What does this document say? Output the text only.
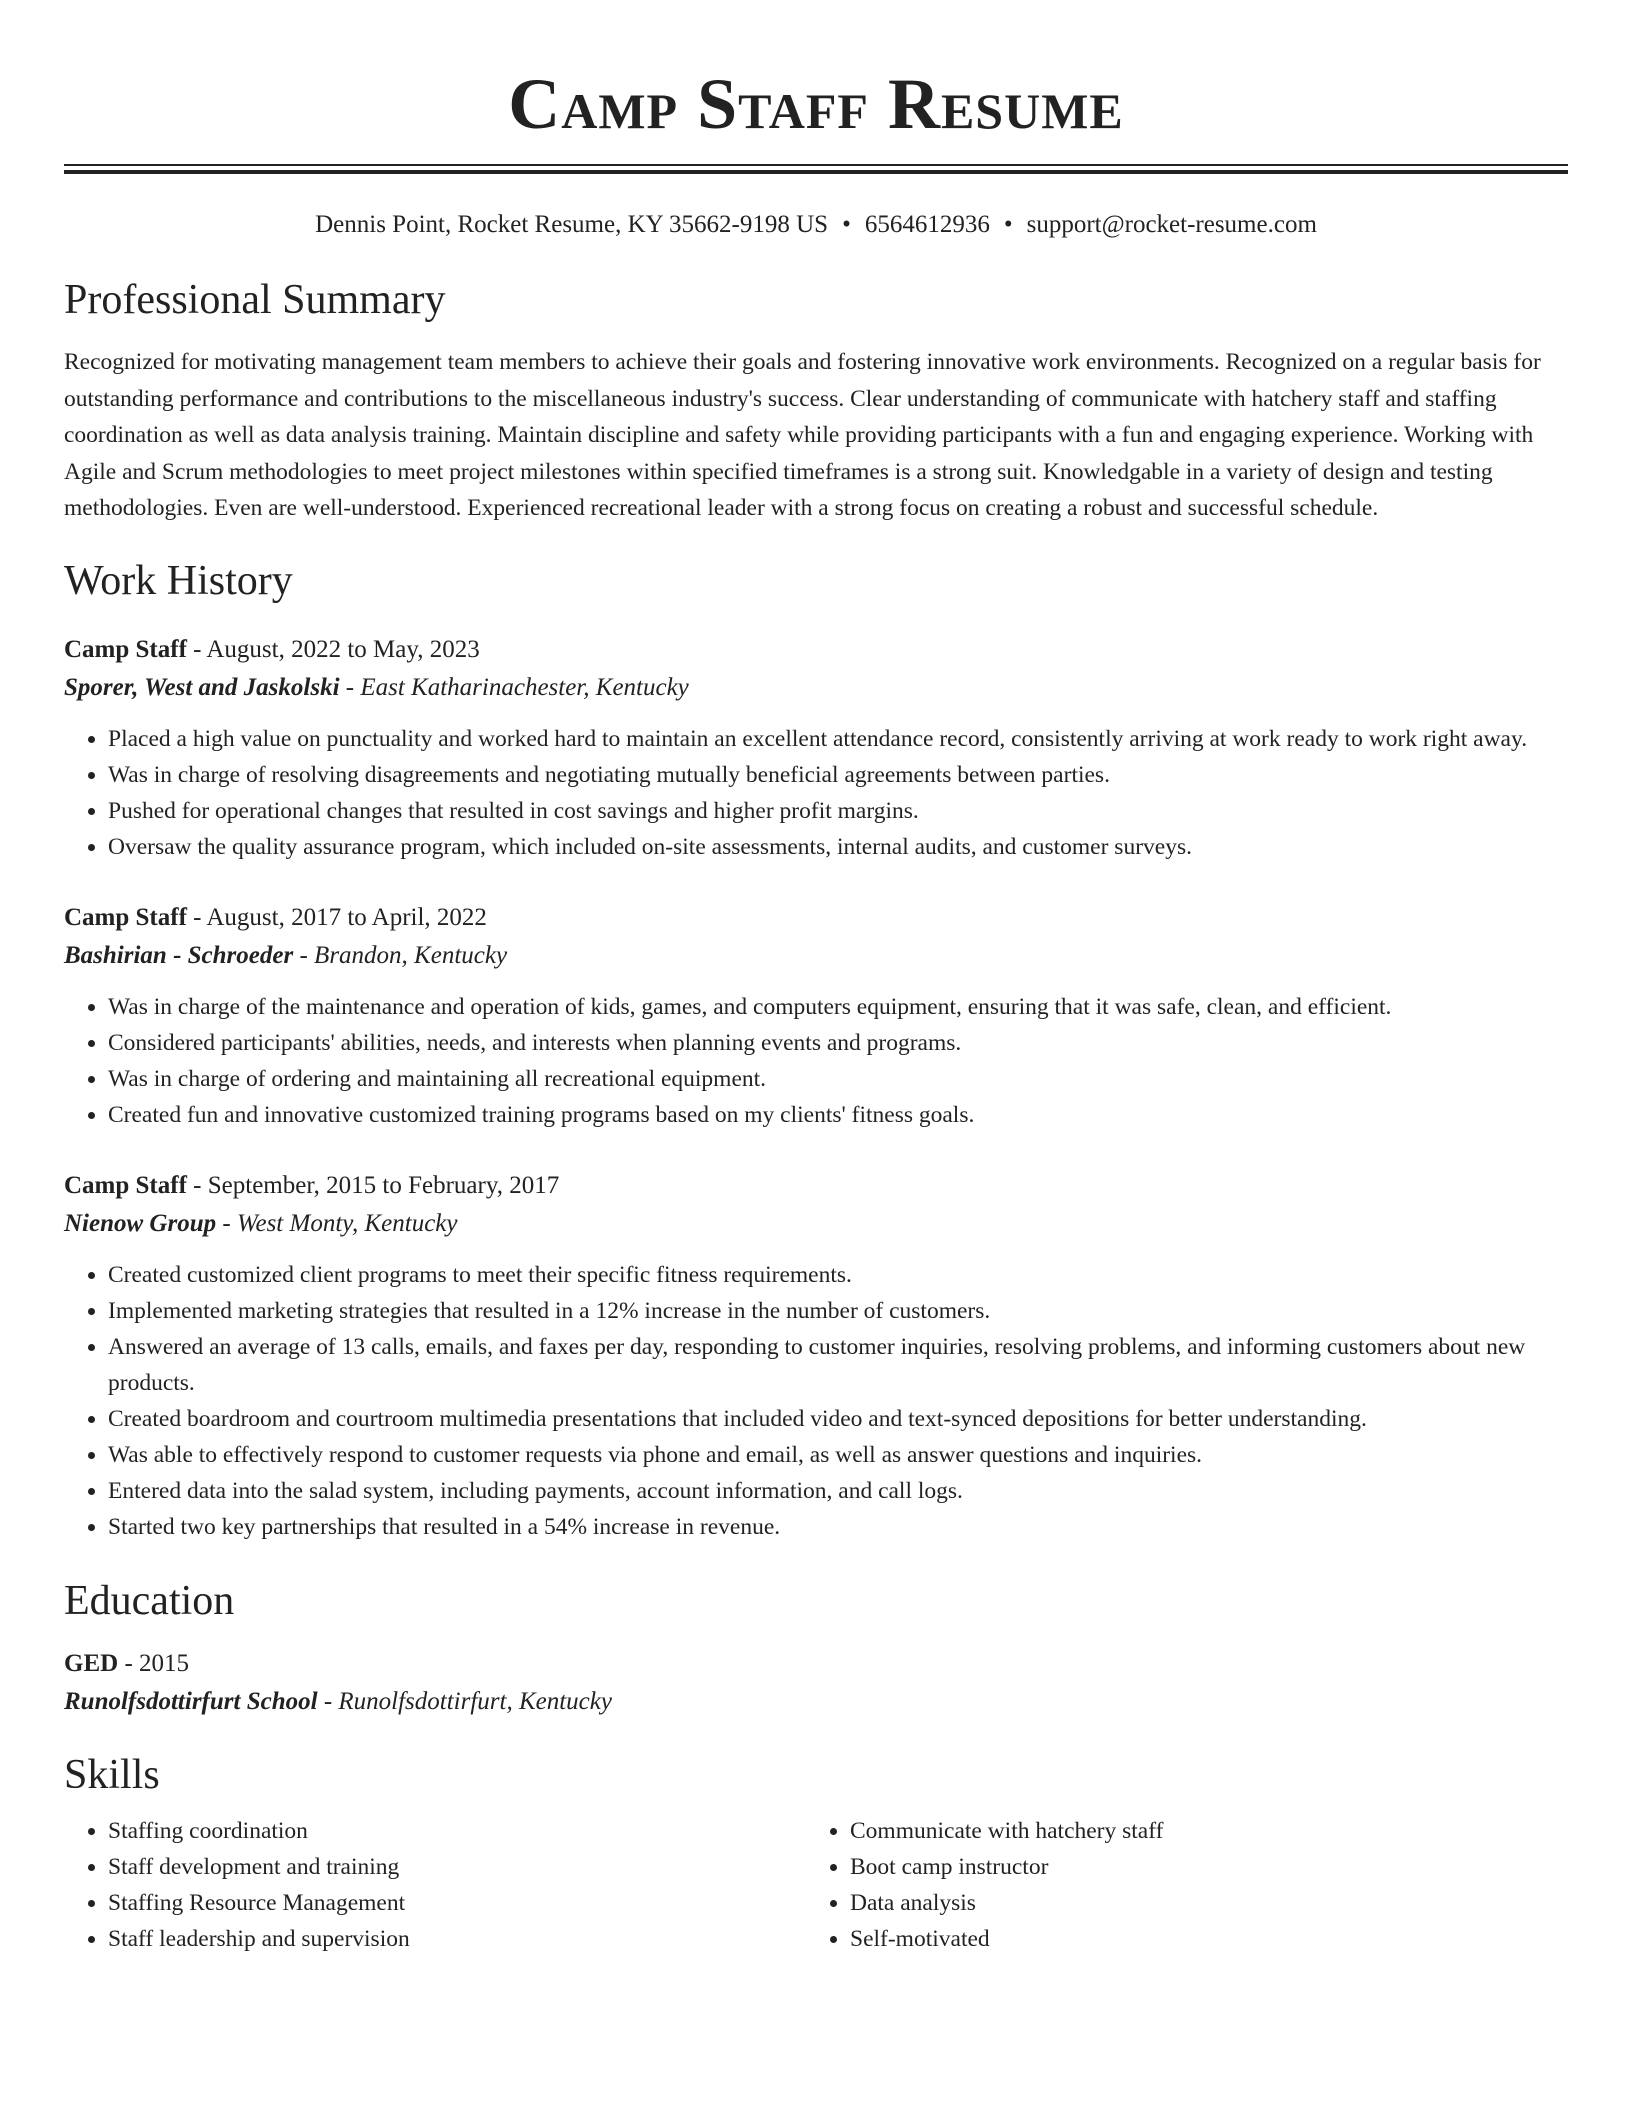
Camp Staff Resume
Dennis Point, Rocket Resume, KY 35662-9198 US • 6564612936 • support@rocket-resume.com
Professional Summary
Recognized for motivating management team members to achieve their goals and fostering innovative work environments. Recognized on a regular basis for outstanding performance and contributions to the miscellaneous industry's success. Clear understanding of communicate with hatchery staff and staffing coordination as well as data analysis training. Maintain discipline and safety while providing participants with a fun and engaging experience. Working with Agile and Scrum methodologies to meet project milestones within specified timeframes is a strong suit. Knowledgable in a variety of design and testing methodologies. Even are well-understood. Experienced recreational leader with a strong focus on creating a robust and successful schedule.
Work History
Camp Staff - August, 2022 to May, 2023
Sporer, West and Jaskolski - East Katharinachester, Kentucky
• Placed a high value on punctuality and worked hard to maintain an excellent attendance record, consistently arriving at work ready to work right away.
• Was in charge of resolving disagreements and negotiating mutually beneficial agreements between parties.
• Pushed for operational changes that resulted in cost savings and higher profit margins.
• Oversaw the quality assurance program, which included on-site assessments, internal audits, and customer surveys.
Camp Staff - August, 2017 to April, 2022
Bashirian - Schroeder - Brandon, Kentucky
• Was in charge of the maintenance and operation of kids, games, and computers equipment, ensuring that it was safe, clean, and efficient.
• Considered participants' abilities, needs, and interests when planning events and programs.
• Was in charge of ordering and maintaining all recreational equipment.
• Created fun and innovative customized training programs based on my clients' fitness goals.
Camp Staff - September, 2015 to February, 2017
Nienow Group - West Monty, Kentucky
• Created customized client programs to meet their specific fitness requirements.
• Implemented marketing strategies that resulted in a 12% increase in the number of customers.
• Answered an average of 13 calls, emails, and faxes per day, responding to customer inquiries, resolving problems, and informing customers about new products.
• Created boardroom and courtroom multimedia presentations that included video and text-synced depositions for better understanding.
• Was able to effectively respond to customer requests via phone and email, as well as answer questions and inquiries.
• Entered data into the salad system, including payments, account information, and call logs.
• Started two key partnerships that resulted in a 54% increase in revenue.
Education
GED - 2015
Runolfsdottirfurt School - Runolfsdottirfurt, Kentucky
Skills
• Staffing coordination
• Staff development and training
• Staffing Resource Management
• Staff leadership and supervision
• Communicate with hatchery staff
• Boot camp instructor
• Data analysis
• Self-motivated
